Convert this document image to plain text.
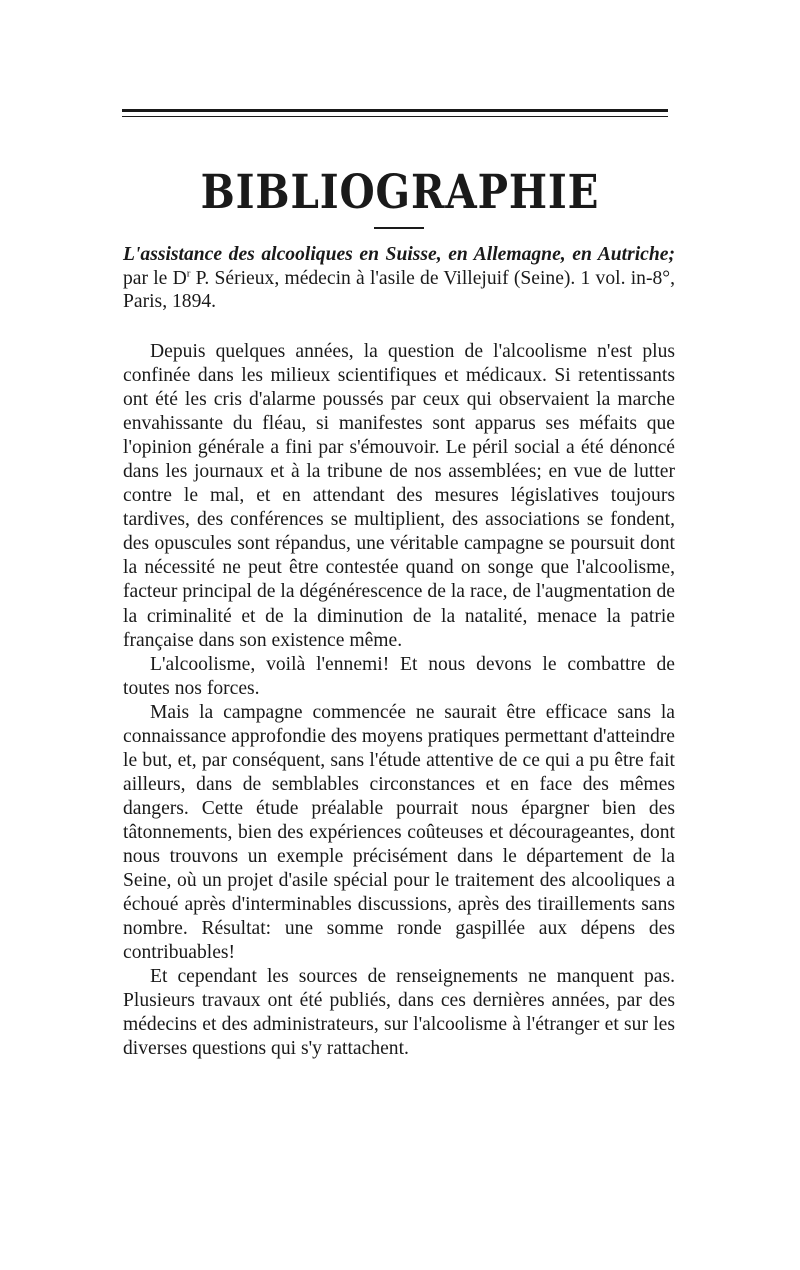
BIBLIOGRAPHIE
L'assistance des alcooliques en Suisse, en Allemagne, en Autriche; par le $D^r$ P. Sérieux, médecin à l'asile de Villejuif (Seine). 1 vol. in-8°, Paris, 1894.

Depuis quelques années, la question de l'alcoolisme n'est plus confinée dans les milieux scientifiques et médicaux. Si retentissants ont été les cris d'alarme poussés par ceux qui observaient la marche envahissante du fléau, si manifestes sont apparus ses méfaits que l'opinion générale a fini par s'émouvoir. Le péril social a été dénoncé dans les journaux et à la tribune de nos assemblées; en vue de lutter contre le mal, et en attendant des mesures législatives toujours tardives, des conférences se multiplient, des associations se fondent, des opuscules sont répandus, une véritable campagne se poursuit dont la nécessité ne peut être contestée quand on songe que l'alcoolisme, facteur principal de la dégénérescence de la race, de l'augmentation de la criminalité et de la diminution de la natalité, menace la patrie française dans son existence même.

L'alcoolisme, voilà l'ennemi! Et nous devons le combattre de toutes nos forces.

Mais la campagne commencée ne saurait être efficace sans la connaissance approfondie des moyens pratiques permettant d'atteindre le but, et, par conséquent, sans l'étude attentive de ce qui a pu être fait ailleurs, dans de semblables circonstances et en face des mêmes dangers. Cette étude préalable pourrait nous épargner bien des tâtonnements, bien des expériences coûteuses et décourageantes, dont nous trouvons un exemple précisément dans le département de la Seine, où un projet d'asile spécial pour le traitement des alcooliques a échoué après d'interminables discussions, après des tiraillements sans nombre. Résultat: une somme ronde gaspillée aux dépens des contribuables!

Et cependant les sources de renseignements ne manquent pas. Plusieurs travaux ont été publiés, dans ces dernières années, par des médecins et des administrateurs, sur l'alcoolisme à l'étranger et sur les diverses questions qui s'y rattachent.
